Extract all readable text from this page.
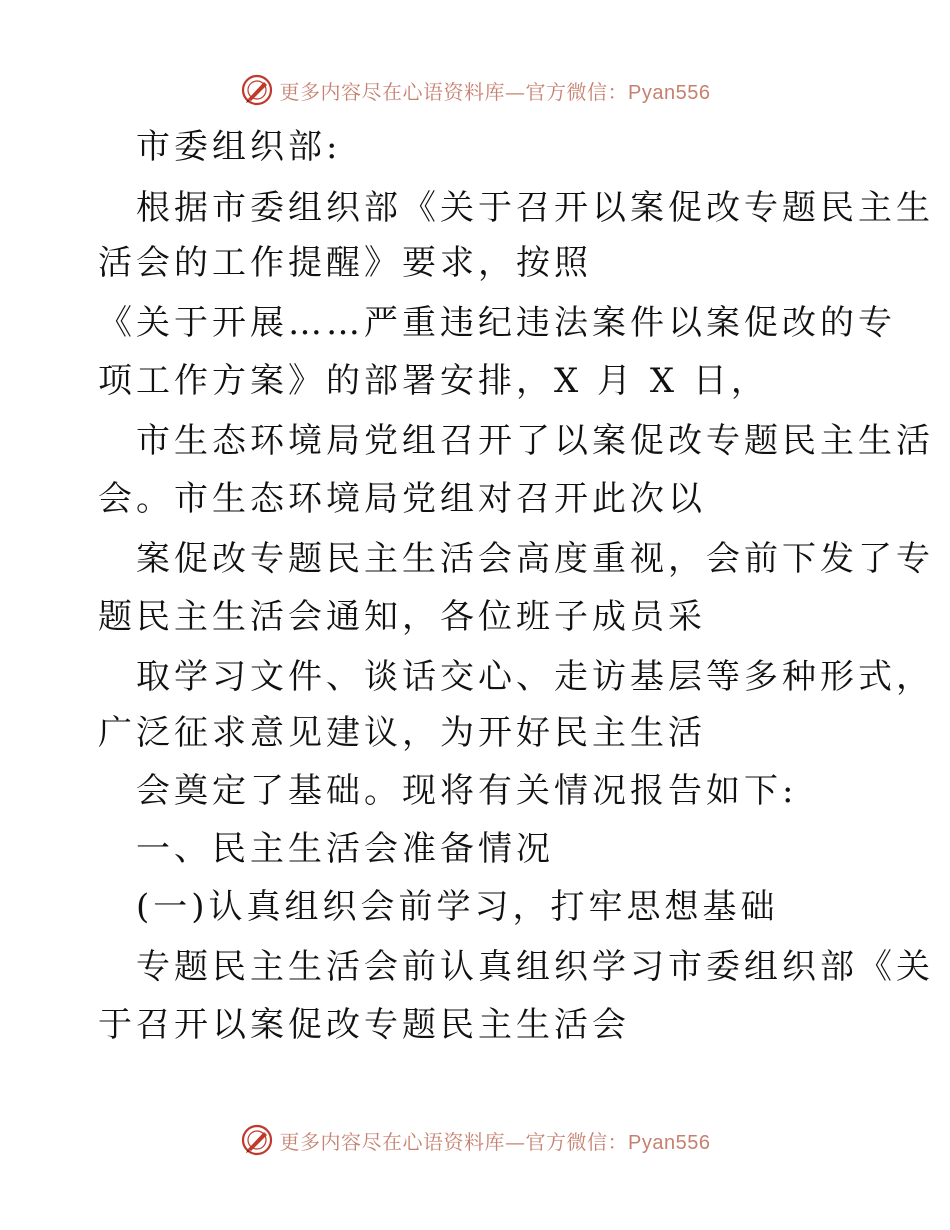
更多内容尽在心语资料库—官方微信：Pyan556
市委组织部:
根据市委组织部《关于召开以案促改专题民主生
活会的工作提醒》要求，按照
《关于开展……严重违纪违法案件以案促改的专
项工作方案》的部署安排，X 月 X 日，
市生态环境局党组召开了以案促改专题民主生活
会。市生态环境局党组对召开此次以
案促改专题民主生活会高度重视，会前下发了专
题民主生活会通知，各位班子成员采
取学习文件、谈话交心、走访基层等多种形式，
广泛征求意见建议，为开好民主生活
会奠定了基础。现将有关情况报告如下:
一、民主生活会准备情况
(一)认真组织会前学习，打牢思想基础
专题民主生活会前认真组织学习市委组织部《关
于召开以案促改专题民主生活会
更多内容尽在心语资料库—官方微信：Pyan556
